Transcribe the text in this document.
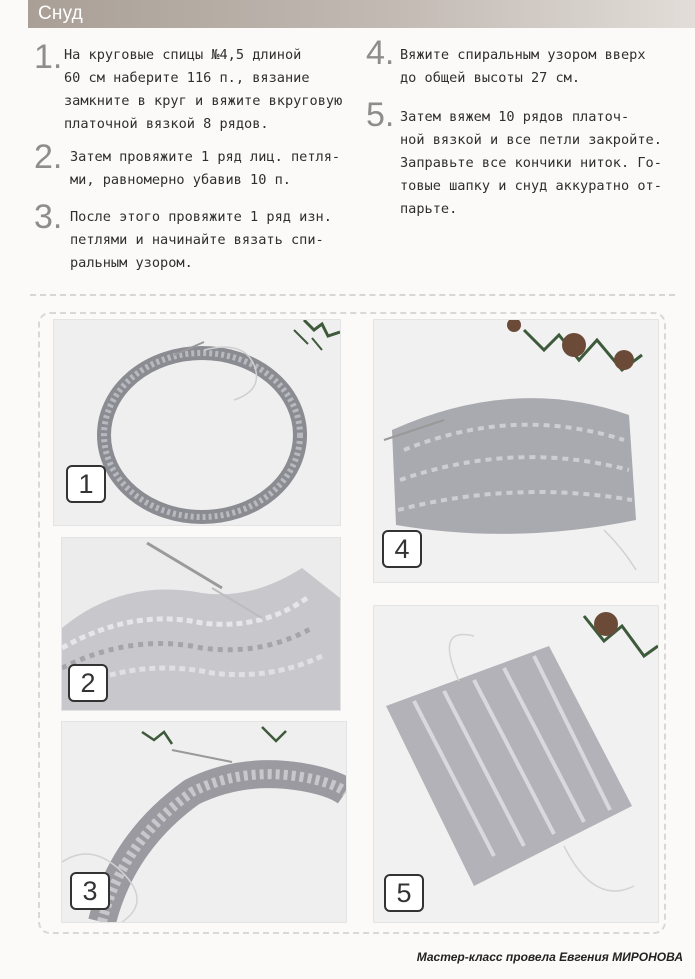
Снуд
1. На круговые спицы №4,5 длиной
60 см наберите 116 п., вязание
замкните в круг и вяжите вкруговую
платочной вязкой 8 рядов.
2. Затем провяжите 1 ряд лиц. петля-
ми, равномерно убавив 10 п.
3. После этого провяжите 1 ряд изн.
петлями и начинайте вязать спи-
ральным узором.
4. Вяжите спиральным узором вверх
до общей высоты 27 см.
5. Затем вяжем 10 рядов платоч-
ной вязкой и все петли закройте.
Заправьте все кончики ниток. Го-
товые шапку и снуд аккуратно от-
парьте.
1
2
3
4
5
Мастер-класс провела Евгения МИРОНОВА
